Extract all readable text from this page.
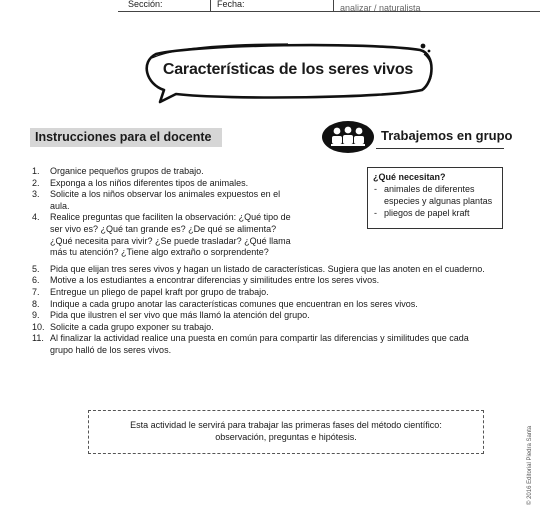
Sección:	Fecha:	analizar / naturalista
Características de los seres vivos
Instrucciones para el docente	Trabajemos en grupo
¿Qué necesitan?
- animales de diferentes especies y algunas plantas
- pliegos de papel kraft
1. Organice pequeños grupos de trabajo.
2. Exponga a los niños diferentes tipos de animales.
3. Solicite a los niños observar los animales expuestos en el aula.
4. Realice preguntas que faciliten la observación: ¿Qué tipo de ser vivo es? ¿Qué tan grande es? ¿De qué se alimenta? ¿Qué necesita para vivir? ¿Se puede trasladar? ¿Qué llama más tu atención? ¿Tiene algo extraño o sorprendente?
5. Pida que elijan tres seres vivos y hagan un listado de características. Sugiera que las anoten en el cuaderno.
6. Motive a los estudiantes a encontrar diferencias y similitudes entre los seres vivos.
7. Entregue un pliego de papel kraft por grupo de trabajo.
8. Indique a cada grupo anotar las características comunes que encuentran en los seres vivos.
9. Pida que ilustren el ser vivo que más llamó la atención del grupo.
10. Solicite a cada grupo exponer su trabajo.
11. Al finalizar la actividad realice una puesta en común para compartir las diferencias y similitudes que cada grupo halló de los seres vivos.
Esta actividad le servirá para trabajar las primeras fases del método científico:
observación, preguntas e hipótesis.	© 2016 Editorial Piedra Santa
